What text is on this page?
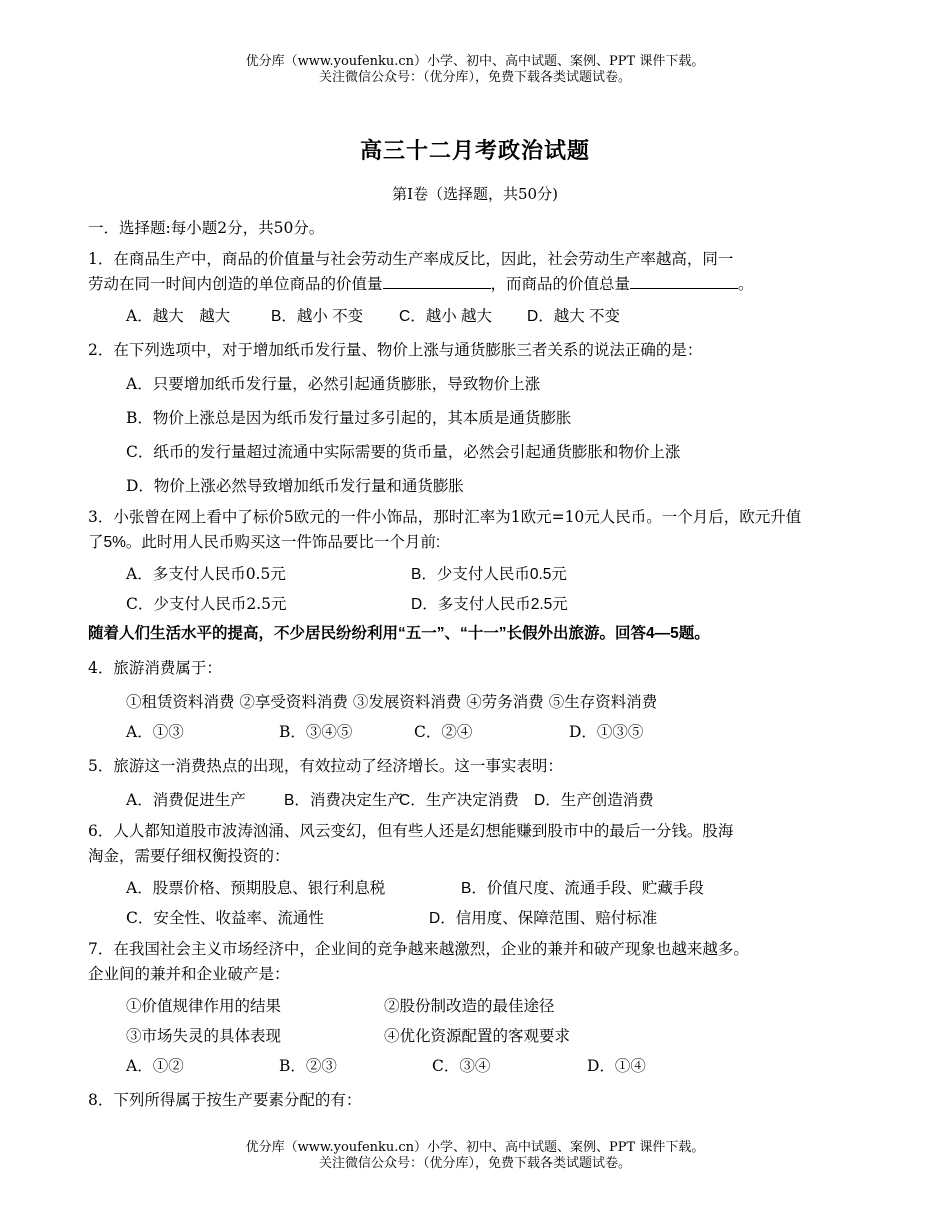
优分库（www.youfenku.cn）小学、初中、高中试题、案例、PPT 课件下载。
关注微信公众号：（优分库），免费下载各类试题试卷。
高三十二月考政治试题
第Ⅰ卷（选择题，共50分)
一．选择题:每小题2分，共50分。
1．在商品生产中，商品的价值量与社会劳动生产率成反比，因此，社会劳动生产率越高，同一
劳动在同一时间内创造的单位商品的价值量	，而商品的价值总量	。
A．越大　越大	B．越小 不变 C．越小 越大 D．越大 不变
2．在下列选项中，对于增加纸币发行量、物价上涨与通货膨胀三者关系的说法正确的是：
A．只要增加纸币发行量，必然引起通货膨胀，导致物价上涨
B．物价上涨总是因为纸币发行量过多引起的，其本质是通货膨胀
C．纸币的发行量超过流通中实际需要的货币量，必然会引起通货膨胀和物价上涨
D．物价上涨必然导致增加纸币发行量和通货膨胀
3．小张曾在网上看中了标价5欧元的一件小饰品，那时汇率为1欧元=10元人民币。一个月后，欧元升值
了5%。此时用人民币购买这一件饰品要比一个月前:
A．多支付人民币0.5元	B．少支付人民币0.5元
C．少支付人民币2.5元	D．多支付人民币2.5元
随着人们生活水平的提高，不少居民纷纷利用“五一”、“十一”长假外出旅游。回答4—5题。
4．旅游消费属于：
①租赁资料消费 ②享受资料消费 ③发展资料消费 ④劳务消费 ⑤生存资料消费
A．①③	B．③④⑤	C．②④	D．①③⑤
5．旅游这一消费热点的出现，有效拉动了经济增长。这一事实表明：
A．消费促进生产 B．消费决定生产C．生产决定消费 D．生产创造消费
6．人人都知道股市波涛汹涌、风云变幻，但有些人还是幻想能赚到股市中的最后一分钱。股海
淘金，需要仔细权衡投资的：
A．股票价格、预期股息、银行利息税	B．价值尺度、流通手段、贮藏手段
C．安全性、收益率、流通性	D．信用度、保障范围、赔付标准
7．在我国社会主义市场经济中，企业间的竞争越来越激烈，企业的兼并和破产现象也越来越多。
企业间的兼并和企业破产是：
①价值规律作用的结果	②股份制改造的最佳途径
③市场失灵的具体表现	④优化资源配置的客观要求
A．①②	B．②③	C．③④	D．①④
8．下列所得属于按生产要素分配的有：
优分库（www.youfenku.cn）小学、初中、高中试题、案例、PPT 课件下载。
关注微信公众号：（优分库），免费下载各类试题试卷。
